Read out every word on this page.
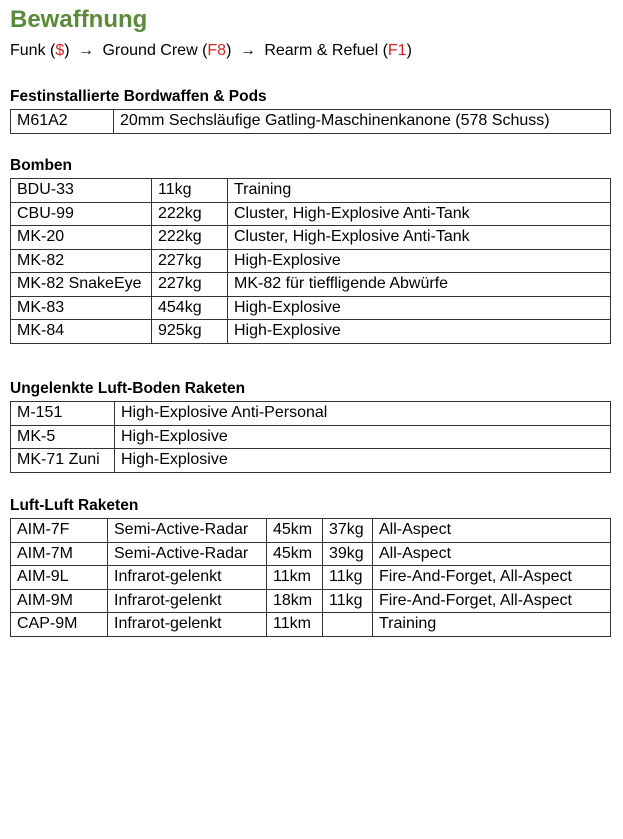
Bewaffnung
Funk ($) → Ground Crew (F8) → Rearm & Refuel (F1)
Festinstallierte Bordwaffen & Pods
M61A2	20mm Sechsläufige Gatling-Maschinenkanone (578 Schuss)
Bomben
BDU-33	11kg	Training
CBU-99	222kg	Cluster, High-Explosive Anti-Tank
MK-20	222kg	Cluster, High-Explosive Anti-Tank
MK-82	227kg	High-Explosive
MK-82 SnakeEye	227kg	MK-82 für tieffligende Abwürfe
MK-83	454kg	High-Explosive
MK-84	925kg	High-Explosive
Ungelenkte Luft-Boden Raketen
M-151	High-Explosive Anti-Personal
MK-5	High-Explosive
MK-71 Zuni	High-Explosive
Luft-Luft Raketen
AIM-7F	Semi-Active-Radar	45km	37kg	All-Aspect
AIM-7M	Semi-Active-Radar	45km	39kg	All-Aspect
AIM-9L	Infrarot-gelenkt	11km	11kg	Fire-And-Forget, All-Aspect
AIM-9M	Infrarot-gelenkt	18km	11kg	Fire-And-Forget, All-Aspect
CAP-9M	Infrarot-gelenkt	11km		Training
